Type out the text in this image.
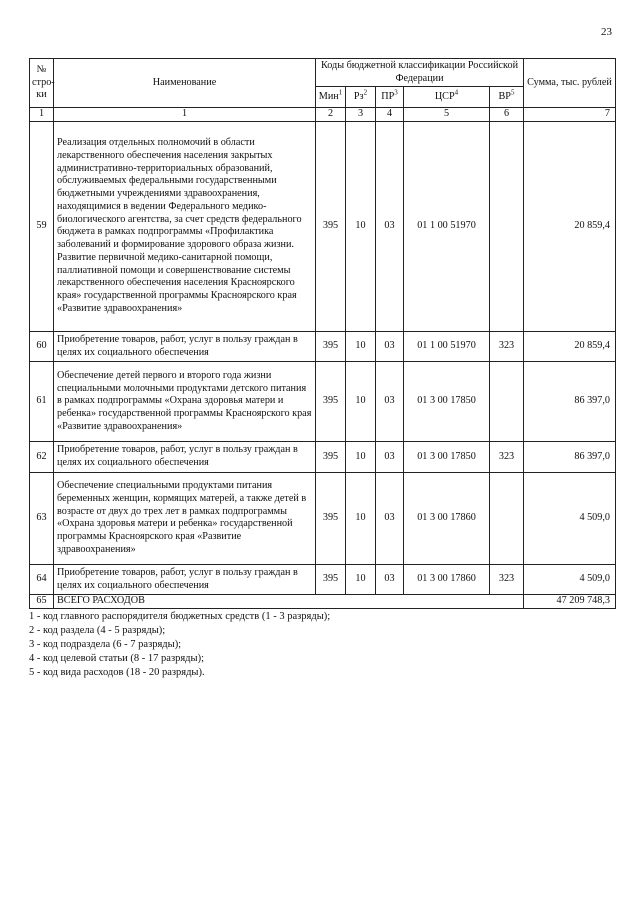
23
№ стро-ки	Наименование	Коды бюджетной классификации Российской Федерации					Сумма, тыс. рублей
		Мин$^1$	$Рз^2$	$ПР^3$	ЦСР$^4$	$ВР^5$
1	1	2	3	4	5	6	7
59	Реализация отдельных полномочий в области лекарственного обеспечения населения закрытых административно-территориальных образований, обслуживаемых федеральными государственными бюджетными учреждениями здравоохранения, находящимися в ведении Федерального медико-биологического агентства, за счет средств федерального бюджета в рамках подпрограммы «Профилактика заболеваний и формирование здорового образа жизни. Развитие первичной медико-санитарной помощи, паллиативной помощи и совершенствование системы лекарственного обеспечения населения Красноярского края» государственной программы Красноярского края «Развитие здравоохранения»	395	10	03	01 1 00 51970		20 859,4
60	Приобретение товаров, работ, услуг в пользу граждан в целях их социального обеспечения	395	10	03	01 1 00 51970	323	20 859,4
61	Обеспечение детей первого и второго года жизни специальными молочными продуктами детского питания в рамках подпрограммы «Охрана здоровья матери и ребенка» государственной программы Красноярского края «Развитие здравоохранения»	395	10	03	01 3 00 17850		86 397,0
62	Приобретение товаров, работ, услуг в пользу граждан в целях их социального обеспечения	395	10	03	01 3 00 17850	323	86 397,0
63	Обеспечение специальными продуктами питания беременных женщин, кормящих матерей, а также детей в возрасте от двух до трех лет в рамках подпрограммы «Охрана здоровья матери и ребенка» государственной программы Красноярского края «Развитие здравоохранения»	395	10	03	01 3 00 17860		4 509,0
64	Приобретение товаров, работ, услуг в пользу граждан в целях их социального обеспечения	395	10	03	01 3 00 17860	323	4 509,0
65	ВСЕГО РАСХОДОВ						47 209 748,3
1 - код главного распорядителя бюджетных средств (1 - 3 разряды);
2 - код раздела (4 - 5 разряды);
3 - код подраздела (6 - 7 разряды);
4 - код целевой статьи (8 - 17 разряды);
5 - код вида расходов (18 - 20 разряды).
